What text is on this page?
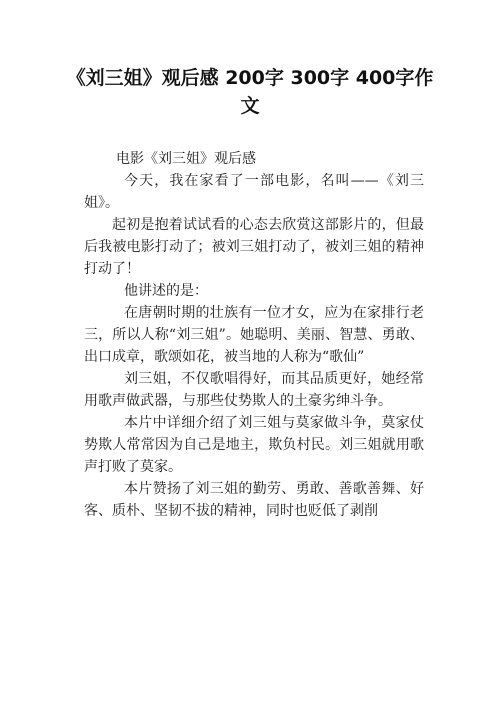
《刘三姐》观后感 200字 300字 400字作文

电影《刘三姐》观后感

今天，我在家看了一部电影，名叫——《刘三姐》。

起初是抱着试试看的心态去欣赏这部影片的，但最后我被电影打动了；被刘三姐打动了，被刘三姐的精神打动了！

他讲述的是：

在唐朝时期的壮族有一位才女，应为在家排行老三，所以人称“刘三姐”。她聪明、美丽、智慧、勇敢、出口成章，歌颂如花，被当地的人称为“歌仙”

刘三姐，不仅歌唱得好，而其品质更好，她经常用歌声做武器，与那些仗势欺人的土豪劣绅斗争。

本片中详细介绍了刘三姐与莫家做斗争，莫家仗势欺人常常因为自己是地主，欺负村民。刘三姐就用歌声打败了莫家。

本片赞扬了刘三姐的勤劳、勇敢、善歌善舞、好客、质朴、坚韧不拔的精神，同时也贬低了剥削
